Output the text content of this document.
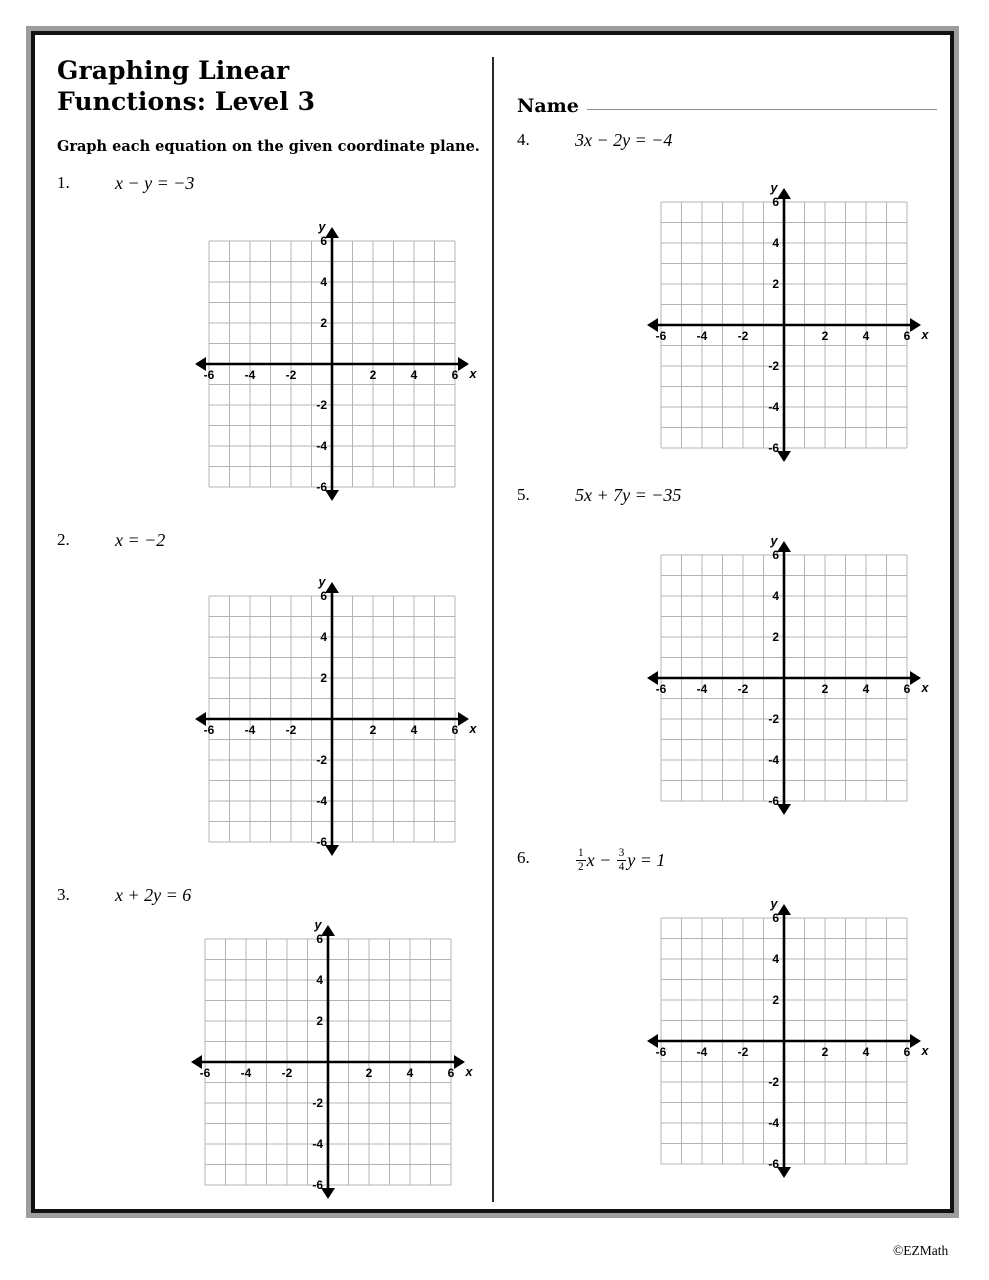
Graphing Linear
Functions: Level 3
Graph each equation on the given coordinate plane.
Name
1.	x − y = −3
-6	-4	-2	2	4	6
6
4
2
-2
-4
-6
x
y
2.	x = −2
-6	-4	-2	2	4	6
6
4
2
-2
-4
-6
x
y
3.	x + 2y = 6
-6	-4	-2	2	4	6
6
4
2
-2
-4
-6
x
y
4.	3x − 2y = −4
-6	-4	-2	2	4	6
6
4
2
-2
-4
-6
x
y
5.	5x + 7y = −35
-6	-4	-2	2	4	6
6
4
2
-2
-4
-6
x
y
6.	$\frac{1}{2}$ $x - \frac{3}{4}$ y = 1
-6	-4	-2	2	4	6
6
4
2
-2
-4
-6
x
y
©EZMath
